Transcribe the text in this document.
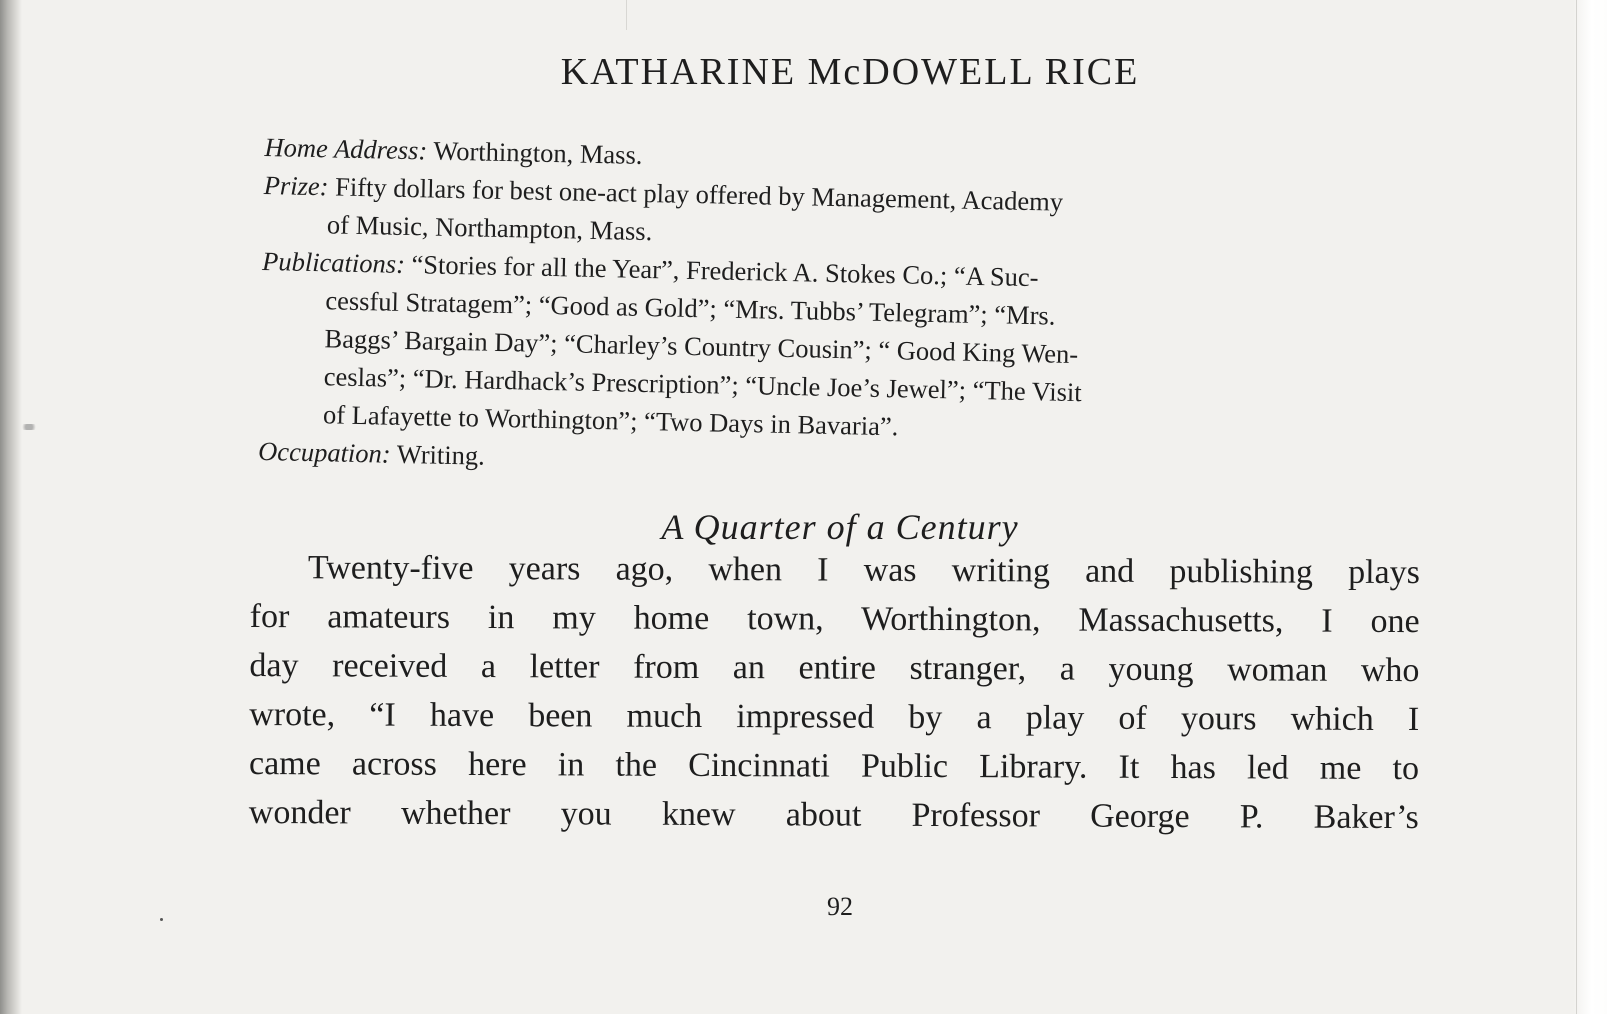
KATHARINE McDOWELL RICE

Home Address: Worthington, Mass.

Prize: Fifty dollars for best one-act play offered by Management, Academy
of Music, Northampton, Mass.

Publications: “Stories for all the Year”, Frederick A. Stokes Co.; “A Suc-
cessful Stratagem”; “Good as Gold”; “Mrs. Tubbs’ Telegram”; “Mrs.
Baggs’ Bargain Day”; “Charley’s Country Cousin”; “ Good King Wen-
ceslas”; “Dr. Hardhack’s Prescription”; “Uncle Joe’s Jewel”; “The Visit
of Lafayette to Worthington”; “Two Days in Bavaria”.

Occupation: Writing.

A Quarter of a Century
Twenty-five years ago, when I was writing and publishing plays
for amateurs in my home town, Worthington, Massachusetts, I one
day received a letter from an entire stranger, a young woman who
wrote, “I have been much impressed by a play of yours which I
came across here in the Cincinnati Public Library. It has led me to
wonder whether you knew about Professor George P. Baker’s
92
